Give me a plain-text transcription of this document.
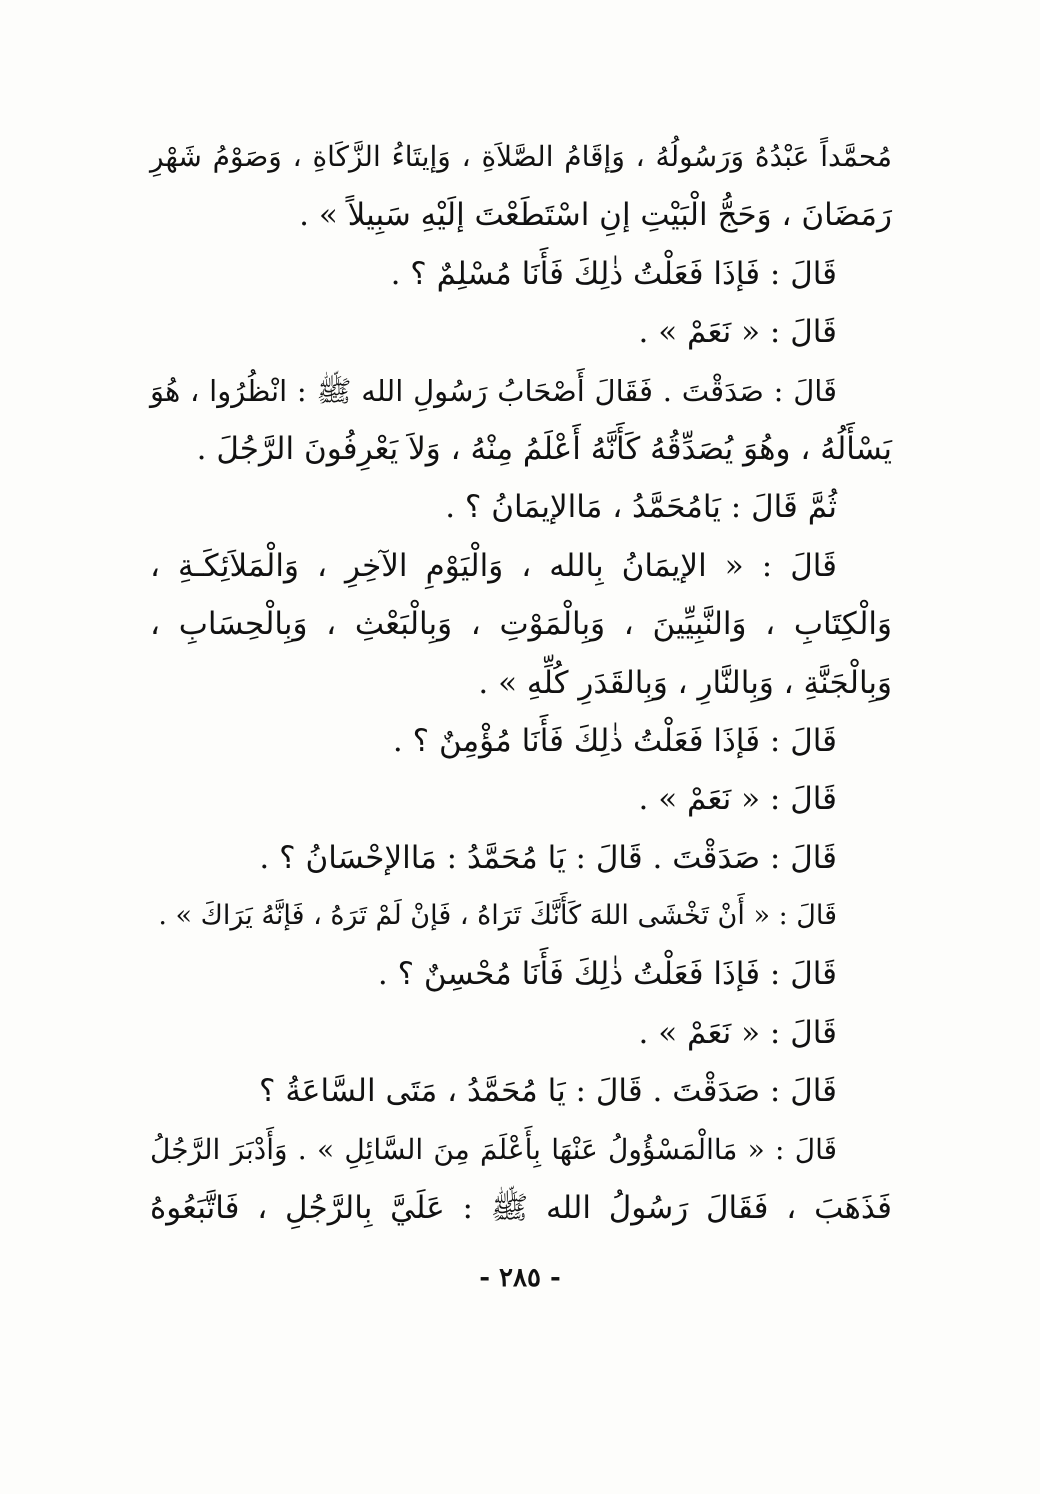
مُحمَّداً عَبْدُهُ وَرَسُولُهُ ، وَإقَامُ الصَّلاَةِ ، وَإيتَاءُ الزَّكَاةِ ، وَصَوْمُ شَهْرِ
رَمَضَانَ ، وَحَجُّ الْبَيْتِ إنِ اسْتَطَعْتَ إلَيْهِ سَبِيلاً » .
قَالَ : فَإذَا فَعَلْتُ ذٰلِكَ فَأَنَا مُسْلِمٌ ؟ .
قَالَ : « نَعَمْ » .
قَالَ : صَدَقْتَ . فَقَالَ أَصْحَابُ رَسُولِ الله ﷺ : انْظُرُوا ، هُوَ
يَسْأَلُهُ ، وهُوَ يُصَدِّقُهُ كَأَنَّهُ أَعْلَمُ مِنْهُ ، وَلاَ يَعْرِفُونَ الرَّجُلَ .
ثُمَّ قَالَ : يَامُحَمَّدُ ، مَاالإيمَانُ ؟ .
قَالَ : « الإيمَانُ بِالله ، وَالْيَوْمِ الآخِرِ ، وَالْمَلاَئِكَـةِ ،
وَالْكِتَابِ ، وَالنَّبِيِّينَ ، وَبِالْمَوْتِ ، وَبِالْبَعْثِ ، وَبِالْحِسَابِ ،
وَبِالْجَنَّةِ ، وَبِالنَّارِ ، وَبِالقَدَرِ كُلِّهِ » .
قَالَ : فَإذَا فَعَلْتُ ذٰلِكَ فَأَنَا مُؤْمِنٌ ؟ .
قَالَ : « نَعَمْ » .
قَالَ : صَدَقْتَ . قَالَ : يَا مُحَمَّدُ : مَاالإحْسَانُ ؟ .
قَالَ : « أَنْ تَخْشَى اللهَ كَأَنَّكَ تَرَاهُ ، فَإنْ لَمْ تَرَهُ ، فَإنَّهُ يَرَاكَ » .
قَالَ : فَإذَا فَعَلْتُ ذٰلِكَ فَأَنَا مُحْسِنٌ ؟ .
قَالَ : « نَعَمْ » .
قَالَ : صَدَقْتَ . قَالَ : يَا مُحَمَّدُ ، مَتَى السَّاعَةُ ؟
قَالَ : « مَاالْمَسْؤُولُ عَنْهَا بِأَعْلَمَ مِنَ السَّائِلِ » . وَأَدْبَرَ الرَّجُلُ
فَذَهَبَ ، فَقَالَ رَسُولُ الله ﷺ : عَلَيَّ بِالرَّجُلِ ، فَاتَّبَعُوهُ
- ٢٨٥ -
